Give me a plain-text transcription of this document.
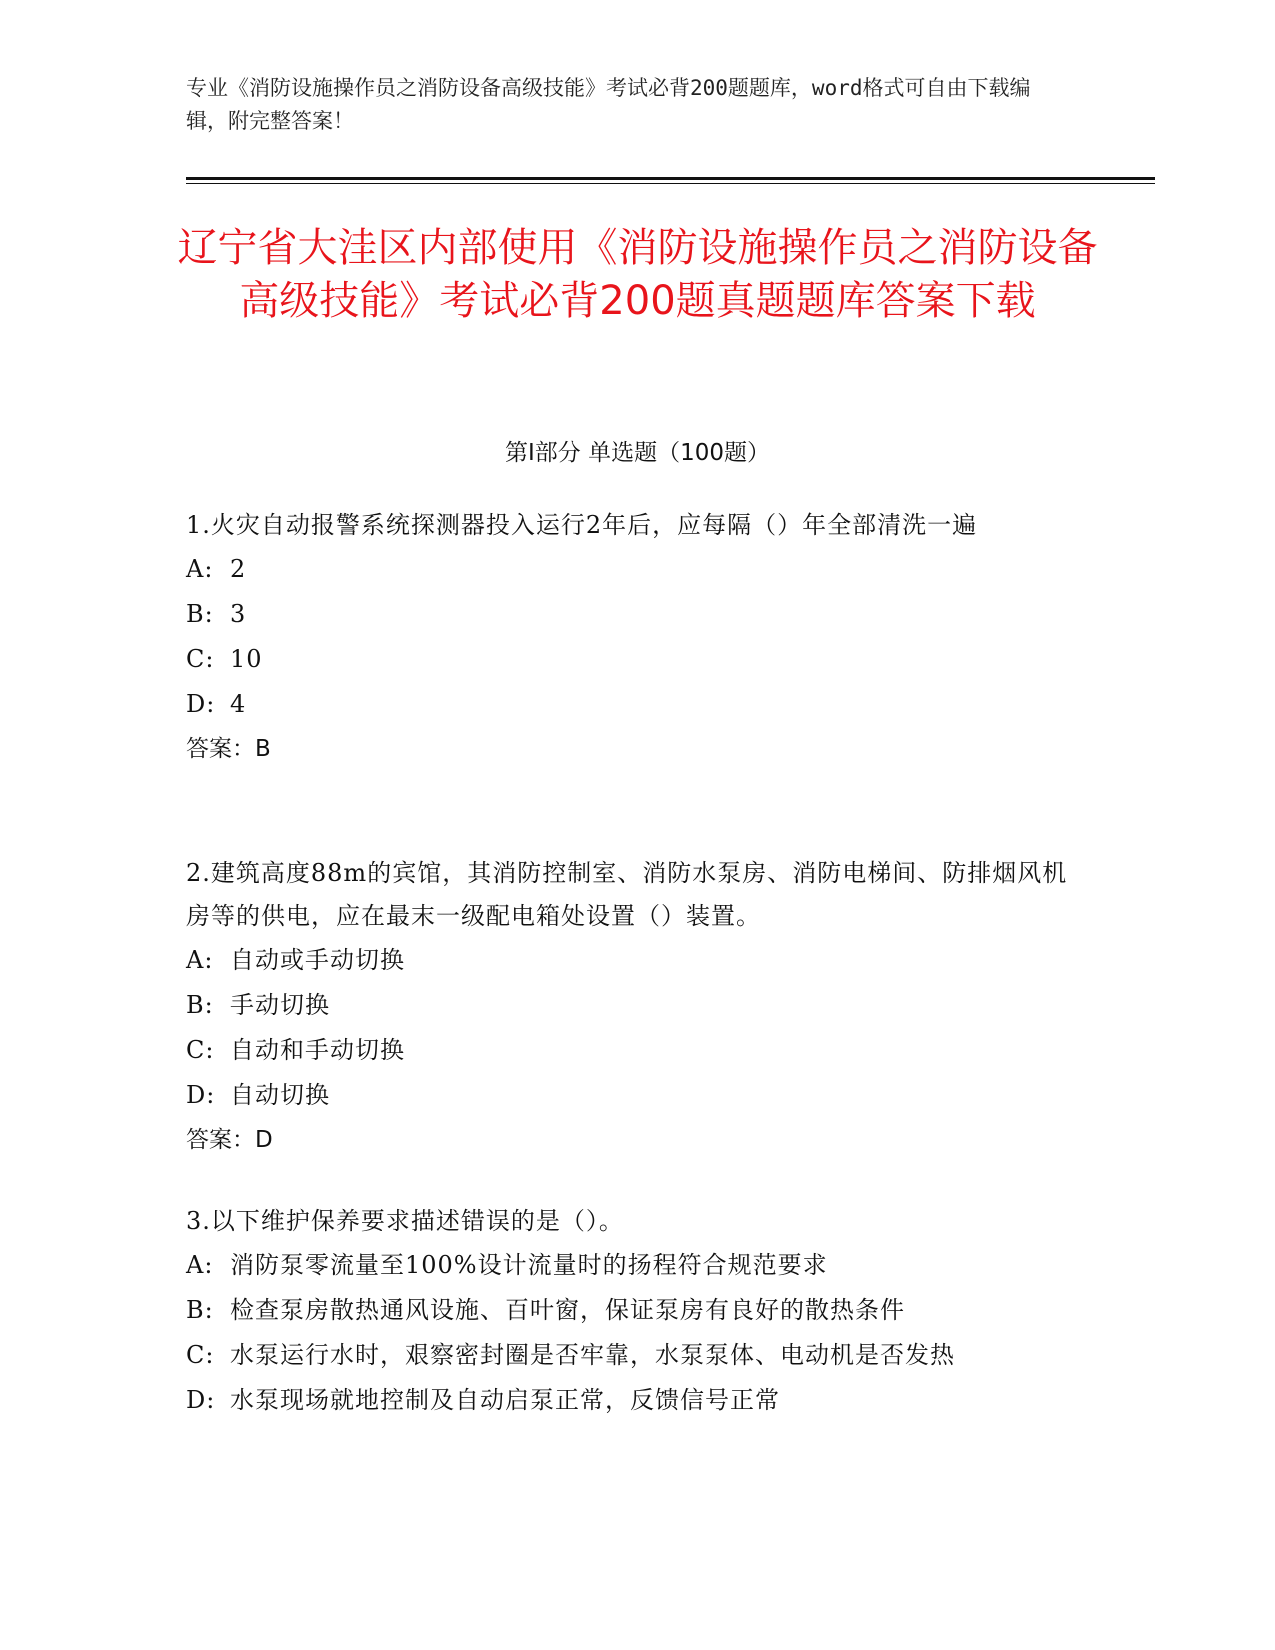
专业《消防设施操作员之消防设备高级技能》考试必背200题题库，word格式可自由下载编辑，附完整答案！
辽宁省大洼区内部使用《消防设施操作员之消防设备高级技能》考试必背200题真题题库答案下载
第Ⅰ部分 单选题（100题）

1.火灾自动报警系统探测器投入运行2年后，应每隔（）年全部清洗一遍

A: 2

B: 3

C: 10

D: 4

答案：B

2.建筑高度88m的宾馆，其消防控制室、消防水泵房、消防电梯间、防排烟风机房等的供电，应在最末一级配电箱处设置（）装置。

A: 自动或手动切换

B: 手动切换

C: 自动和手动切换

D: 自动切换

答案：D

3.以下维护保养要求描述错误的是（）。

A: 消防泵零流量至100%设计流量时的扬程符合规范要求

B: 检查泵房散热通风设施、百叶窗，保证泵房有良好的散热条件

C: 水泵运行水时，艰察密封圈是否牢靠，水泵泵体、电动机是否发热

D: 水泵现场就地控制及自动启泵正常，反馈信号正常
